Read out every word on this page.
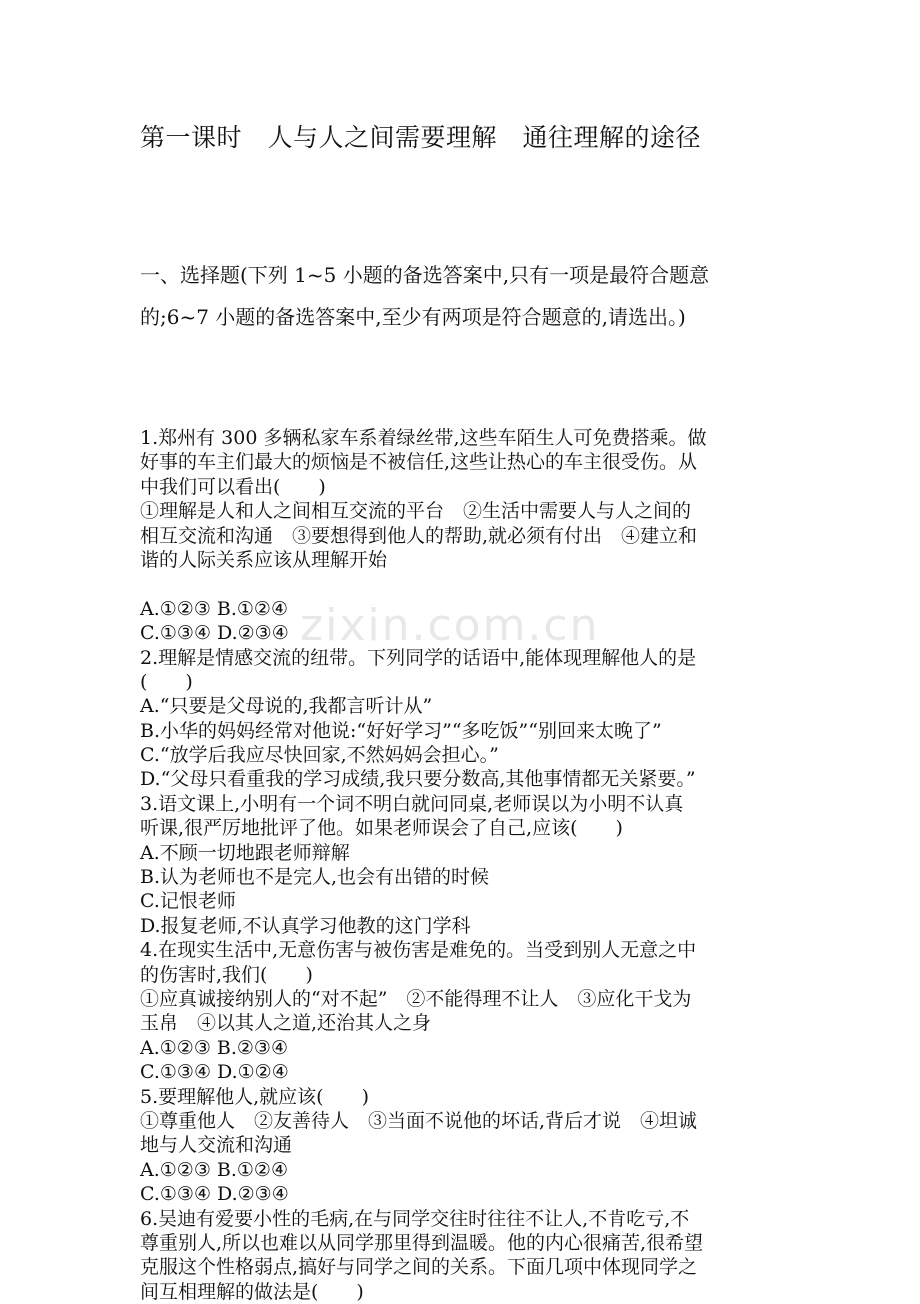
zixin.com.cn
第一课时　人与人之间需要理解　通往理解的途径
一、选择题(下列 1~5 小题的备选答案中,只有一项是最符合题意
的;6~7 小题的备选答案中,至少有两项是符合题意的,请选出。)
1.郑州有 300 多辆私家车系着绿丝带,这些车陌生人可免费搭乘。做
好事的车主们最大的烦恼是不被信任,这些让热心的车主很受伤。从
中我们可以看出(　　)
①理解是人和人之间相互交流的平台　②生活中需要人与人之间的
相互交流和沟通　③要想得到他人的帮助,就必须有付出　④建立和
谐的人际关系应该从理解开始
A.①②③ B.①②④
C.①③④ D.②③④
2.理解是情感交流的纽带。下列同学的话语中,能体现理解他人的是
(　　)
A.“只要是父母说的,我都言听计从”
B.小华的妈妈经常对他说:“好好学习”“多吃饭”“别回来太晚了”
C.“放学后我应尽快回家,不然妈妈会担心。”
D.“父母只看重我的学习成绩,我只要分数高,其他事情都无关紧要。”
3.语文课上,小明有一个词不明白就问同桌,老师误以为小明不认真
听课,很严厉地批评了他。如果老师误会了自己,应该(　　)
A.不顾一切地跟老师辩解
B.认为老师也不是完人,也会有出错的时候
C.记恨老师
D.报复老师,不认真学习他教的这门学科
4.在现实生活中,无意伤害与被伤害是难免的。当受到别人无意之中
的伤害时,我们(　　)
①应真诚接纳别人的“对不起”　②不能得理不让人　③应化干戈为
玉帛　④以其人之道,还治其人之身
A.①②③ B.②③④
C.①③④ D.①②④
5.要理解他人,就应该(　　)
①尊重他人　②友善待人　③当面不说他的坏话,背后才说　④坦诚
地与人交流和沟通
A.①②③ B.①②④
C.①③④ D.②③④
6.吴迪有爱要小性的毛病,在与同学交往时往往不让人,不肯吃亏,不
尊重别人,所以也难以从同学那里得到温暖。他的内心很痛苦,很希望
克服这个性格弱点,搞好与同学之间的关系。下面几项中体现同学之
间互相理解的做法是(　　)
